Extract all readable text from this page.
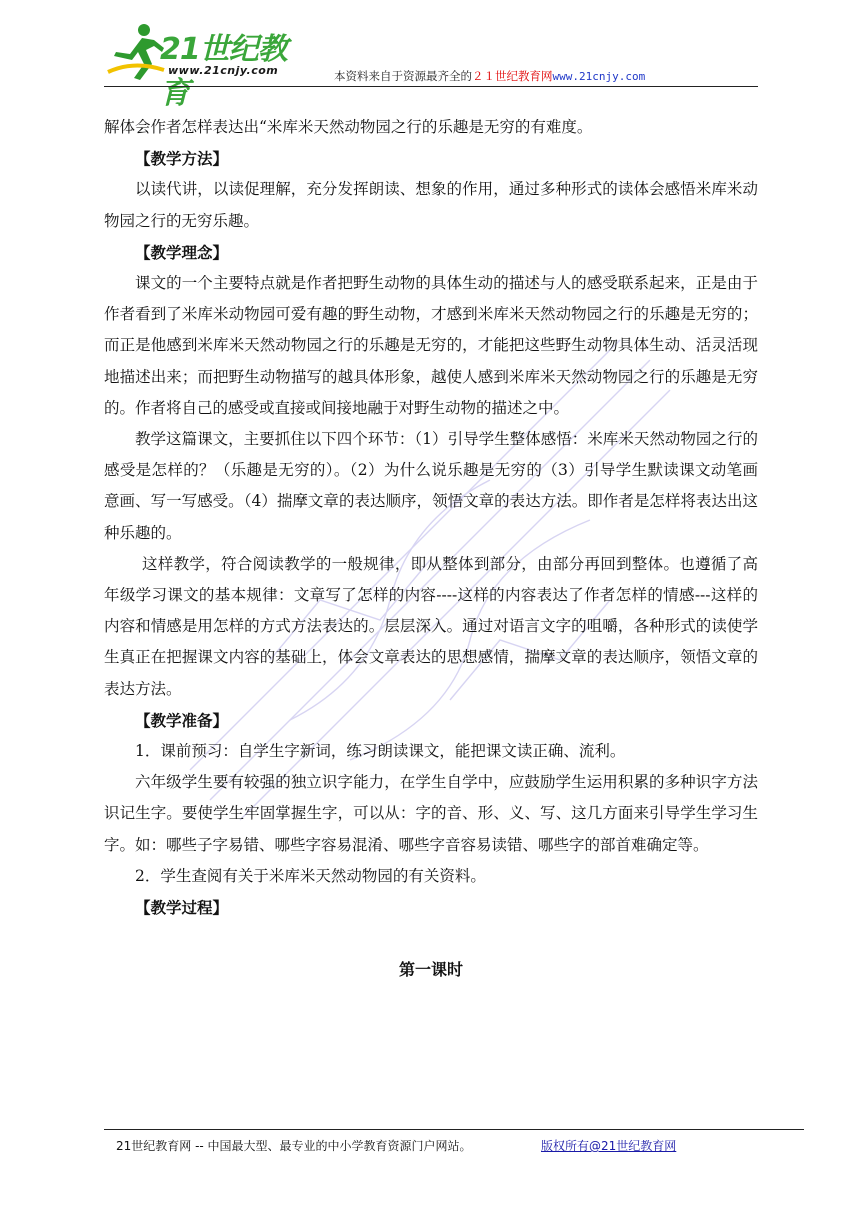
21世纪教育
www.21cnjy.com	本资料来自于资源最齐全的２１世纪教育网www.21cnjy.com

解体会作者怎样表达出“米库米天然动物园之行的乐趣是无穷的有难度。

【教学方法】

以读代讲，以读促理解，充分发挥朗读、想象的作用，通过多种形式的读体会感悟米库米动物园之行的无穷乐趣。

【教学理念】

课文的一个主要特点就是作者把野生动物的具体生动的描述与人的感受联系起来，正是由于作者看到了米库米动物园可爱有趣的野生动物，才感到米库米天然动物园之行的乐趣是无穷的；而正是他感到米库米天然动物园之行的乐趣是无穷的，才能把这些野生动物具体生动、活灵活现地描述出来；而把野生动物描写的越具体形象，越使人感到米库米天然动物园之行的乐趣是无穷的。作者将自己的感受或直接或间接地融于对野生动物的描述之中。

教学这篇课文，主要抓住以下四个环节：（1）引导学生整体感悟：米库米天然动物园之行的感受是怎样的？（乐趣是无穷的）。（2）为什么说乐趣是无穷的（3）引导学生默读课文动笔画意画、写一写感受。（4）揣摩文章的表达顺序，领悟文章的表达方法。即作者是怎样将表达出这种乐趣的。

这样教学，符合阅读教学的一般规律，即从整体到部分，由部分再回到整体。也遵循了高年级学习课文的基本规律：文章写了怎样的内容----这样的内容表达了作者怎样的情感---这样的内容和情感是用怎样的方式方法表达的。层层深入。通过对语言文字的咀嚼，各种形式的读使学生真正在把握课文内容的基础上，体会文章表达的思想感情，揣摩文章的表达顺序，领悟文章的表达方法。

【教学准备】

1．课前预习：自学生字新词，练习朗读课文，能把课文读正确、流利。

六年级学生要有较强的独立识字能力，在学生自学中，应鼓励学生运用积累的多种识字方法识记生字。要使学生牢固掌握生字，可以从：字的音、形、义、写、这几方面来引导学生学习生字。如：哪些子字易错、哪些字容易混淆、哪些字音容易读错、哪些字的部首难确定等。

2．学生查阅有关于米库米天然动物园的有关资料。

【教学过程】

第一课时

21世纪教育网 -- 中国最大型、最专业的中小学教育资源门户网站。	版权所有@21世纪教育网
